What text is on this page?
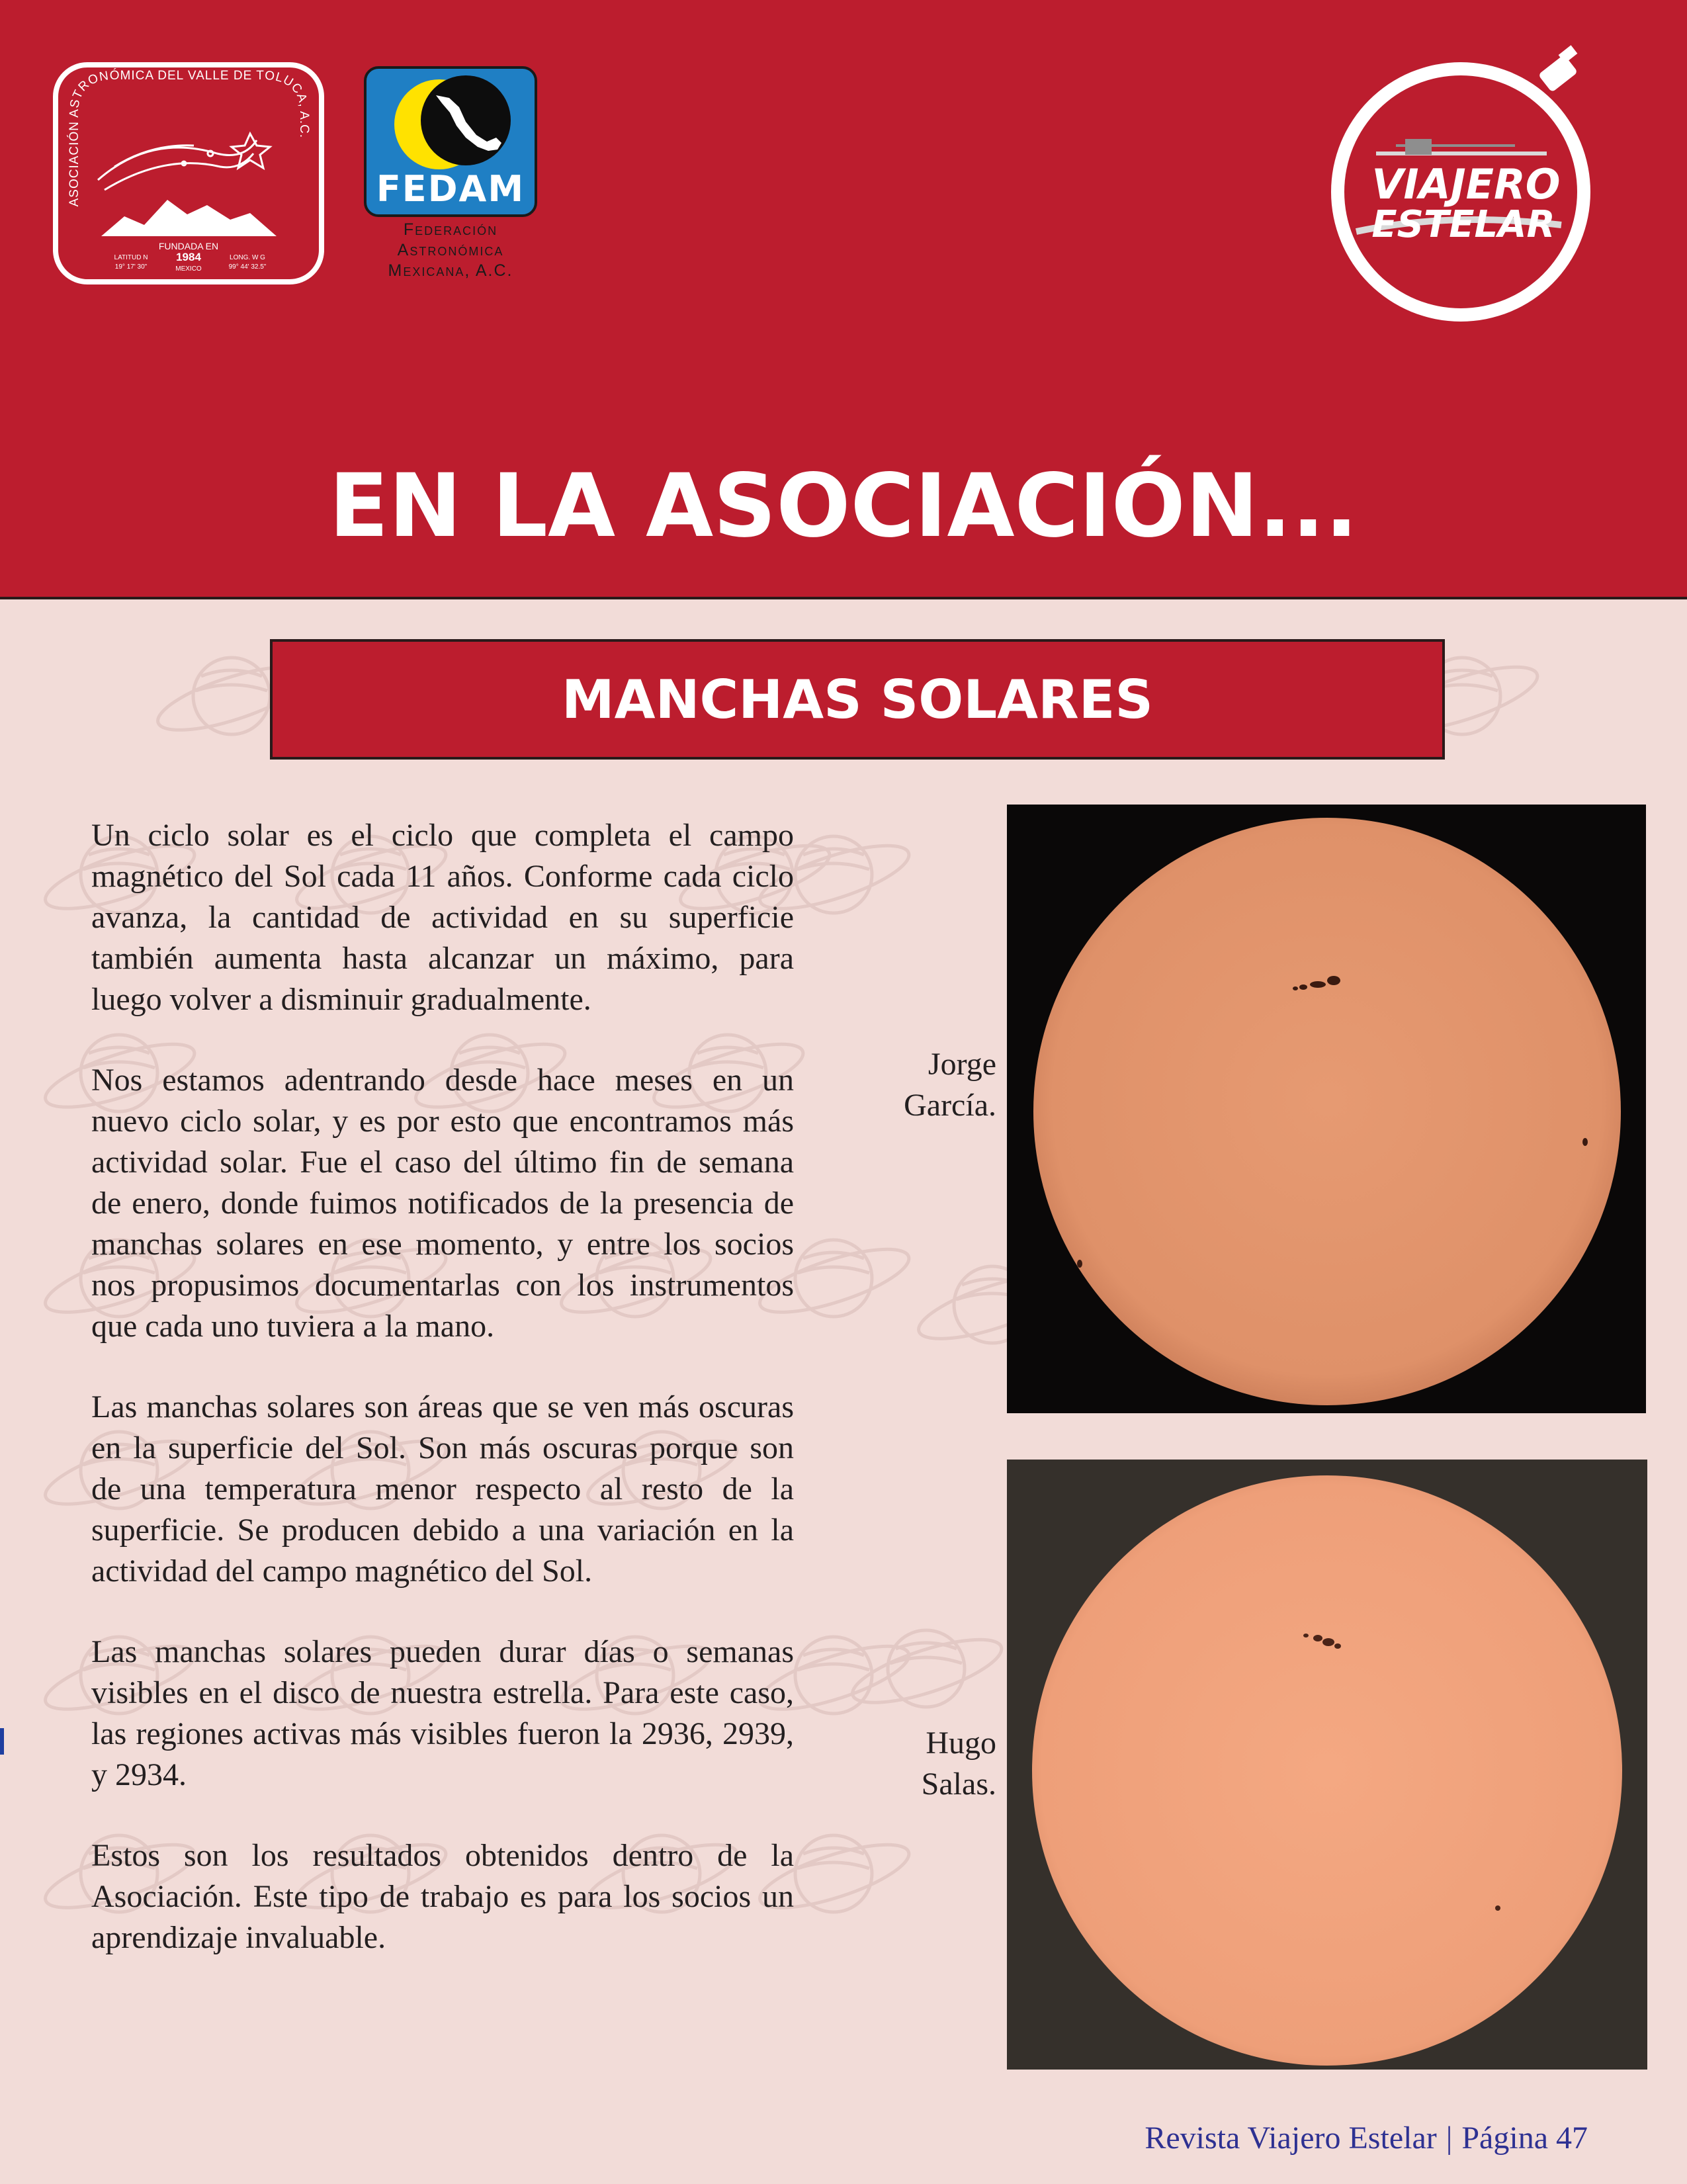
ASOCIACIÓN ASTRONÓMICA DEL VALLE DE TOLUCA, A.C.
FUNDADA EN
1984
MEXICO
LATITUD N
19° 17' 30"
LONG. W G
99° 44' 32.5"
FEDAM
Federación
Astronómica
Mexicana, A.C.
VIAJERO
ESTELAR
EN LA ASOCIACIÓN...
MANCHAS SOLARES

Un ciclo solar es el ciclo que completa el campo magnético del Sol cada 11 años. Conforme cada ciclo avanza, la cantidad de actividad en su superficie también aumenta hasta alcanzar un máximo, para luego volver a disminuir gradualmente.

Nos estamos adentrando desde hace meses en un nuevo ciclo solar, y es por esto que encontramos más actividad solar. Fue el caso del último fin de semana de enero, donde fuimos notificados de la presencia de manchas solares en ese momento, y entre los socios nos propusimos documentarlas con los instrumentos que cada uno tuviera a la mano.

Las manchas solares son áreas que se ven más oscuras en la superficie del Sol. Son más oscuras porque son de una temperatura menor respecto al resto de la superficie. Se producen debido a una variación en la actividad del campo magnético del Sol.

Las manchas solares pueden durar días o semanas visibles en el disco de nuestra estrella. Para este caso, las regiones activas más visibles fueron la 2936, 2939, y 2934.

Estos son los resultados obtenidos dentro de la Asociación. Este tipo de trabajo es para los socios un aprendizaje invaluable.

Jorge
García.
Hugo
Salas.
Revista Viajero Estelar | Página 47
